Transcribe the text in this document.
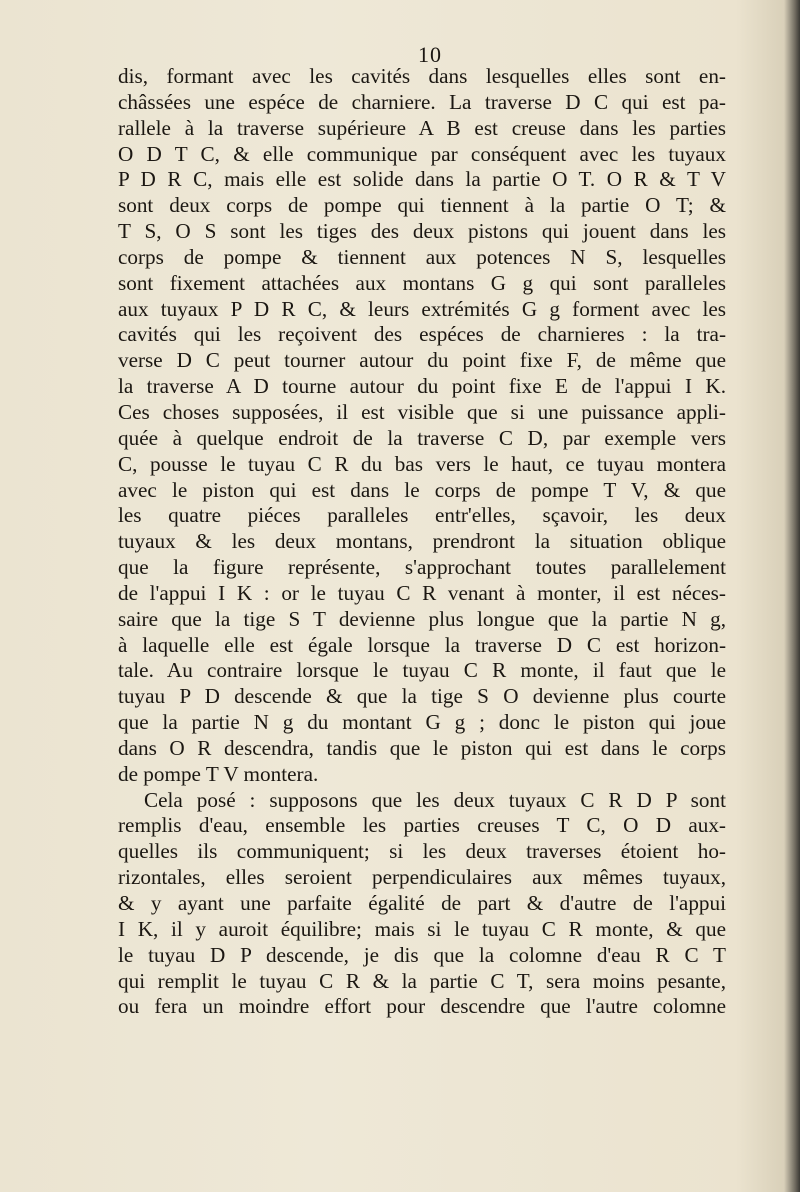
10
dis, formant avec les cavités dans lesquelles elles sont en-
châssées une espéce de charniere. La traverse D C qui est pa-
rallele à la traverse supérieure A B est creuse dans les parties
O D T C, & elle communique par conséquent avec les tuyaux
P D R C, mais elle est solide dans la partie O T. O R & T V
sont deux corps de pompe qui tiennent à la partie O T; &
T S, O S sont les tiges des deux pistons qui jouent dans les
corps de pompe & tiennent aux potences N S, lesquelles
sont fixement attachées aux montans G g qui sont paralleles
aux tuyaux P D R C, & leurs extrémités G g forment avec les
cavités qui les reçoivent des espéces de charnieres : la tra-
verse D C peut tourner autour du point fixe F, de même que
la traverse A D tourne autour du point fixe E de l'appui I K.
Ces choses supposées, il est visible que si une puissance appli-
quée à quelque endroit de la traverse C D, par exemple vers
C, pousse le tuyau C R du bas vers le haut, ce tuyau montera
avec le piston qui est dans le corps de pompe T V, & que
les quatre piéces paralleles entr'elles, sçavoir, les deux
tuyaux & les deux montans, prendront la situation oblique
que la figure représente, s'approchant toutes parallelement
de l'appui I K : or le tuyau C R venant à monter, il est néces-
saire que la tige S T devienne plus longue que la partie N g,
à laquelle elle est égale lorsque la traverse D C est horizon-
tale. Au contraire lorsque le tuyau C R monte, il faut que le
tuyau P D descende & que la tige S O devienne plus courte
que la partie N g du montant G g ; donc le piston qui joue
dans O R descendra, tandis que le piston qui est dans le corps
de pompe T V montera.
Cela posé : supposons que les deux tuyaux C R D P sont
remplis d'eau, ensemble les parties creuses T C, O D aux-
quelles ils communiquent; si les deux traverses étoient ho-
rizontales, elles seroient perpendiculaires aux mêmes tuyaux,
& y ayant une parfaite égalité de part & d'autre de l'appui
I K, il y auroit équilibre; mais si le tuyau C R monte, & que
le tuyau D P descende, je dis que la colomne d'eau R C T
qui remplit le tuyau C R & la partie C T, sera moins pesante,
ou fera un moindre effort pour descendre que l'autre colomne
